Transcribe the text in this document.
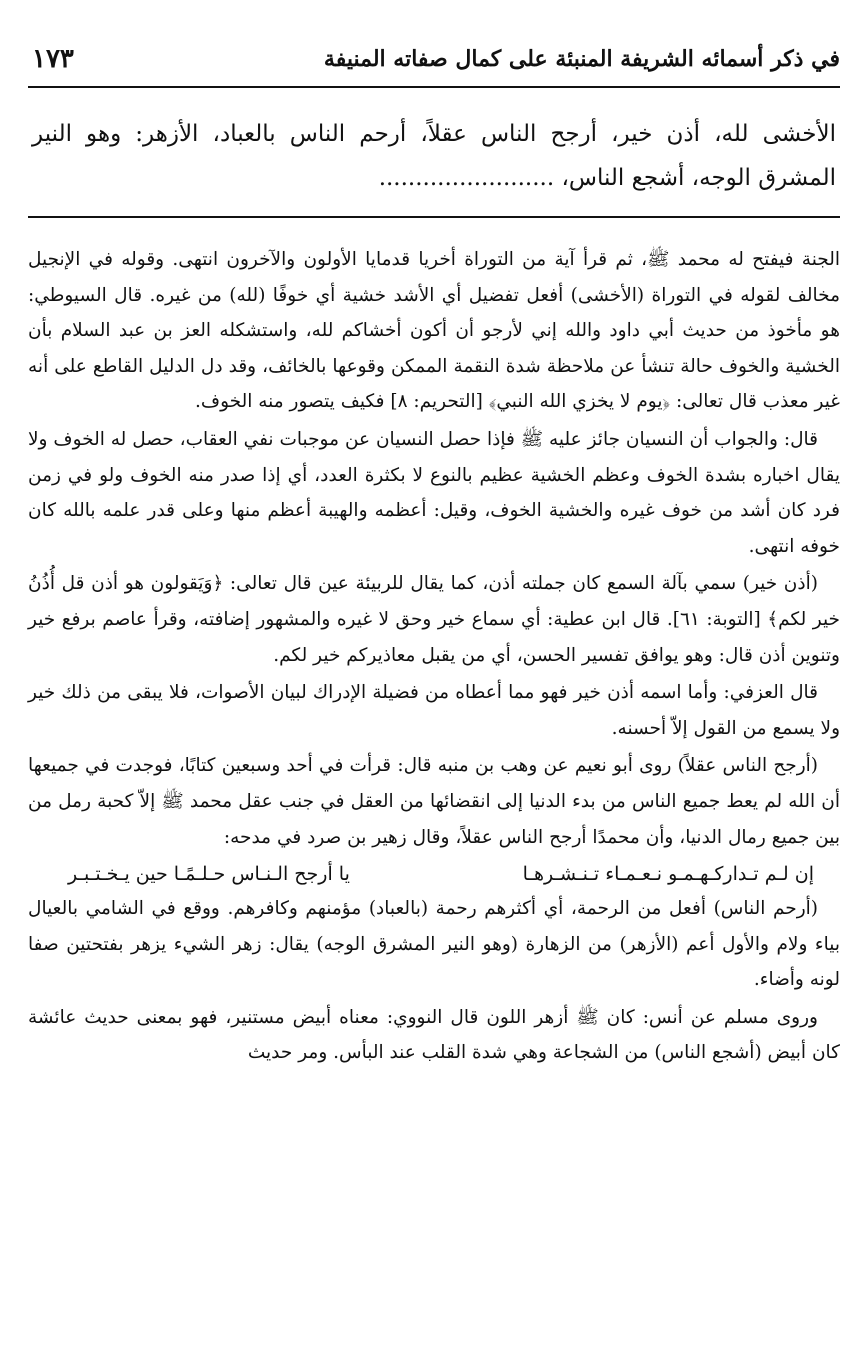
في ذكر أسمائه الشريفة المنبئة على كمال صفاته المنيفة
١٧٣
الأخشى لله، أذن خير، أرجح الناس عقلاً، أرحم الناس بالعباد، الأزهر: وهو النير المشرق الوجه، أشجع الناس، ........................

الجنة فيفتح له محمد ﷺ، ثم قرأ آية من التوراة أخريا قدمايا الأولون والآخرون انتهى. وقوله في الإنجيل مخالف لقوله في التوراة (الأخشى) أفعل تفضيل أي الأشد خشية أي خوفًا (لله) من غيره. قال السيوطي: هو مأخوذ من حديث أبي داود والله إني لأرجو أن أكون أخشاكم لله، واستشكله العز بن عبد السلام بأن الخشية والخوف حالة تنشأ عن ملاحظة شدة النقمة الممكن وقوعها بالخائف، وقد دل الدليل القاطع على أنه غير معذب قال تعالى: ﴿يوم لا يخزي الله النبي﴾ [التحريم: ٨] فكيف يتصور منه الخوف.

قال: والجواب أن النسيان جائز عليه ﷺ فإذا حصل النسيان عن موجبات نفي العقاب، حصل له الخوف ولا يقال اخباره بشدة الخوف وعظم الخشية عظيم بالنوع لا بكثرة العدد، أي إذا صدر منه الخوف ولو في زمن فرد كان أشد من خوف غيره والخشية الخوف، وقيل: أعظمه والهيبة أعظم منها وعلى قدر علمه بالله كان خوفه انتهى.

(أذن خير) سمي بآلة السمع كان جملته أذن، كما يقال للربيئة عين قال تعالى: ﴿وَيَقولون هو أذن قل أُذُنُ خير لكم﴾ [التوبة: ٦١]. قال ابن عطية: أي سماع خير وحق لا غيره والمشهور إضافته، وقرأ عاصم برفع خير وتنوين أذن قال: وهو يوافق تفسير الحسن، أي من يقبل معاذيركم خير لكم.

قال العزفي: وأما اسمه أذن خير فهو مما أعطاه من فضيلة الإدراك لبيان الأصوات، فلا يبقى من ذلك خير ولا يسمع من القول إلاّ أحسنه.

(أرجح الناس عقلاً) روى أبو نعيم عن وهب بن منبه قال: قرأت في أحد وسبعين كتابًا، فوجدت في جميعها أن الله لم يعط جميع الناس من بدء الدنيا إلى انقضائها من العقل في جنب عقل محمد ﷺ إلاّ كحبة رمل من بين جميع رمال الدنيا، وأن محمدًا أرجح الناس عقلاً، وقال زهير بن صرد في مدحه:

إن لـم تـداركـهـمـو نـعـمـاء تـنـشـرهـا
يا أرجح الـنـاس حـلـمًـا حين يـخـتـبـر

(أرحم الناس) أفعل من الرحمة، أي أكثرهم رحمة (بالعباد) مؤمنهم وكافرهم. ووقع في الشامي بالعيال بياء ولام والأول أعم (الأزهر) من الزهارة (وهو النير المشرق الوجه) يقال: زهر الشيء يزهر بفتحتين صفا لونه وأضاء.

وروى مسلم عن أنس: كان ﷺ أزهر اللون قال النووي: معناه أبيض مستنير، فهو بمعنى حديث عائشة كان أبيض (أشجع الناس) من الشجاعة وهي شدة القلب عند البأس. ومر حديث
